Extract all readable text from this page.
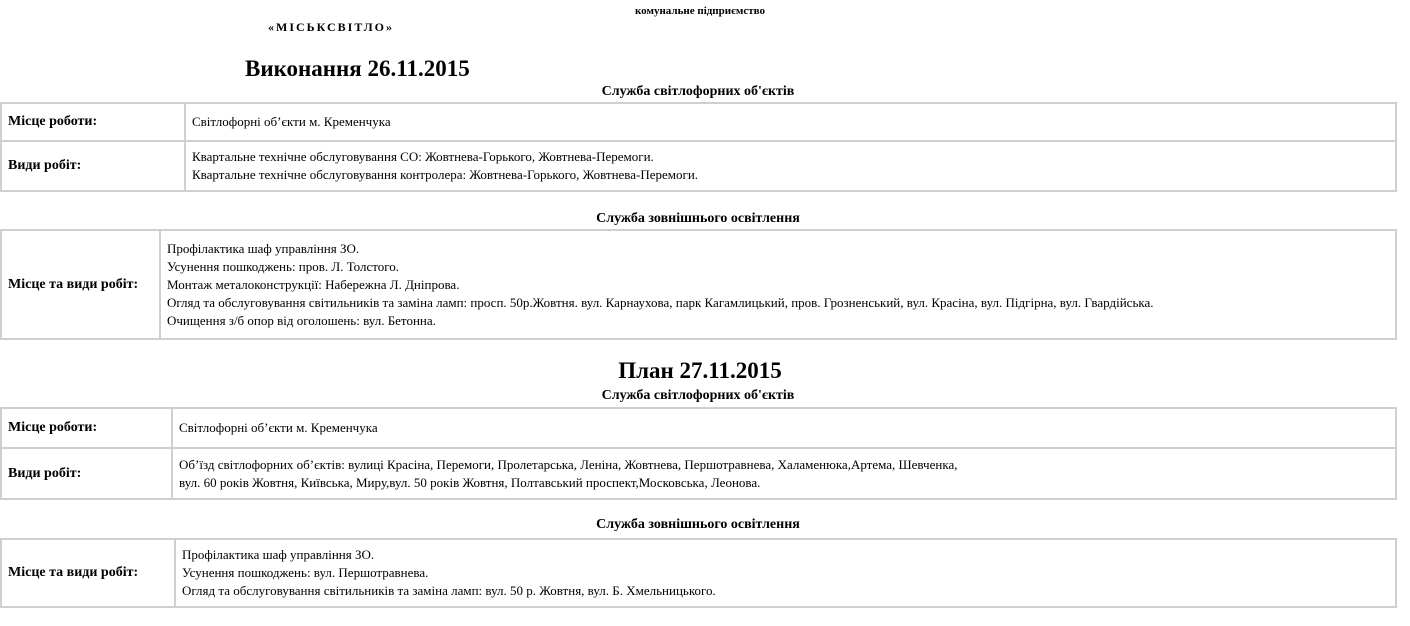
комунальне підприємство
«МІСЬКСВІТЛО»
Виконання 26.11.2015
Служба світлофорних об'єктів
Місце роботи:	Світлофорні об’єкти м. Кременчука
Види робіт:	Квартальне технічне обслуговування СО: Жовтнева-Горького, Жовтнева-Перемоги.
Квартальне технічне обслуговування контролера: Жовтнева-Горького, Жовтнева-Перемоги.
Служба зовнішнього освітлення
Місце та види робіт:	
Профілактика шаф управління ЗО.
Усунення пошкоджень: пров. Л. Толстого.
Монтаж металоконструкції: Набережна Л. Дніпрова.
Огляд та обслуговування світильників та заміна ламп: просп. 50р.Жовтня. вул. Карнаухова, парк Кагамлицький, пров. Грозненський, вул. Красіна, вул. Підгірна, вул. Гвардійська.
Очищення з/б опор від оголошень: вул. Бетонна.
План 27.11.2015
Служба світлофорних об'єктів
Місце роботи:	Світлофорні об’єкти м. Кременчука
Види робіт:	Об’їзд світлофорних об’єктів: вулиці Красіна, Перемоги, Пролетарська, Леніна, Жовтнева, Першотравнева, Халаменюка,Артема, Шевченка,
вул. 60 років Жовтня, Київська, Миру,вул. 50 років Жовтня, Полтавський проспект,Московська, Леонова.
Служба зовнішнього освітлення
Місце та види робіт:	
Профілактика шаф управління ЗО.
Усунення пошкоджень: вул. Першотравнева.
Огляд та обслуговування світильників та заміна ламп: вул. 50 р. Жовтня, вул. Б. Хмельницького.
